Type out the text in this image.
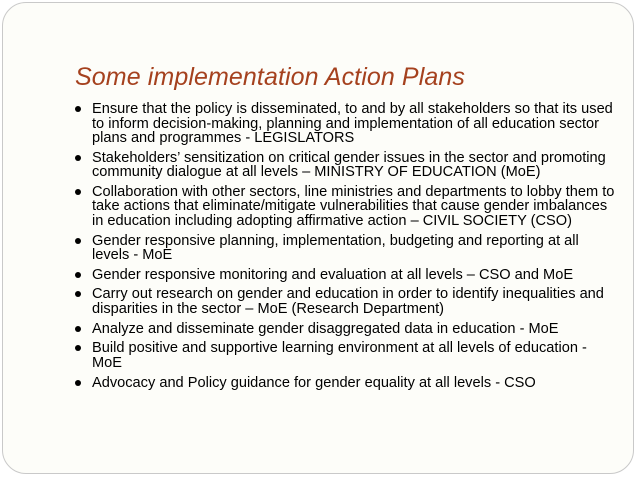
Some implementation Action Plans
Ensure that the policy is disseminated, to and by all stakeholders so that its used to inform decision-making, planning and implementation of all education sector plans and programmes - LEGISLATORS
Stakeholders’ sensitization on critical gender issues in the sector and promoting community dialogue at all levels – MINISTRY OF EDUCATION (MoE)
Collaboration with other sectors, line ministries and departments to lobby them to take actions that eliminate/mitigate vulnerabilities that cause gender imbalances in education including adopting affirmative action – CIVIL SOCIETY (CSO)
Gender responsive planning, implementation, budgeting and reporting at all levels - MoE
Gender responsive monitoring and evaluation at all levels – CSO and MoE
Carry out research on gender and education in order to identify inequalities and disparities in the sector – MoE (Research Department)
Analyze and disseminate gender disaggregated data in education - MoE
Build positive and supportive learning environment at all levels of education - MoE
Advocacy and Policy guidance for gender equality at all levels - CSO
